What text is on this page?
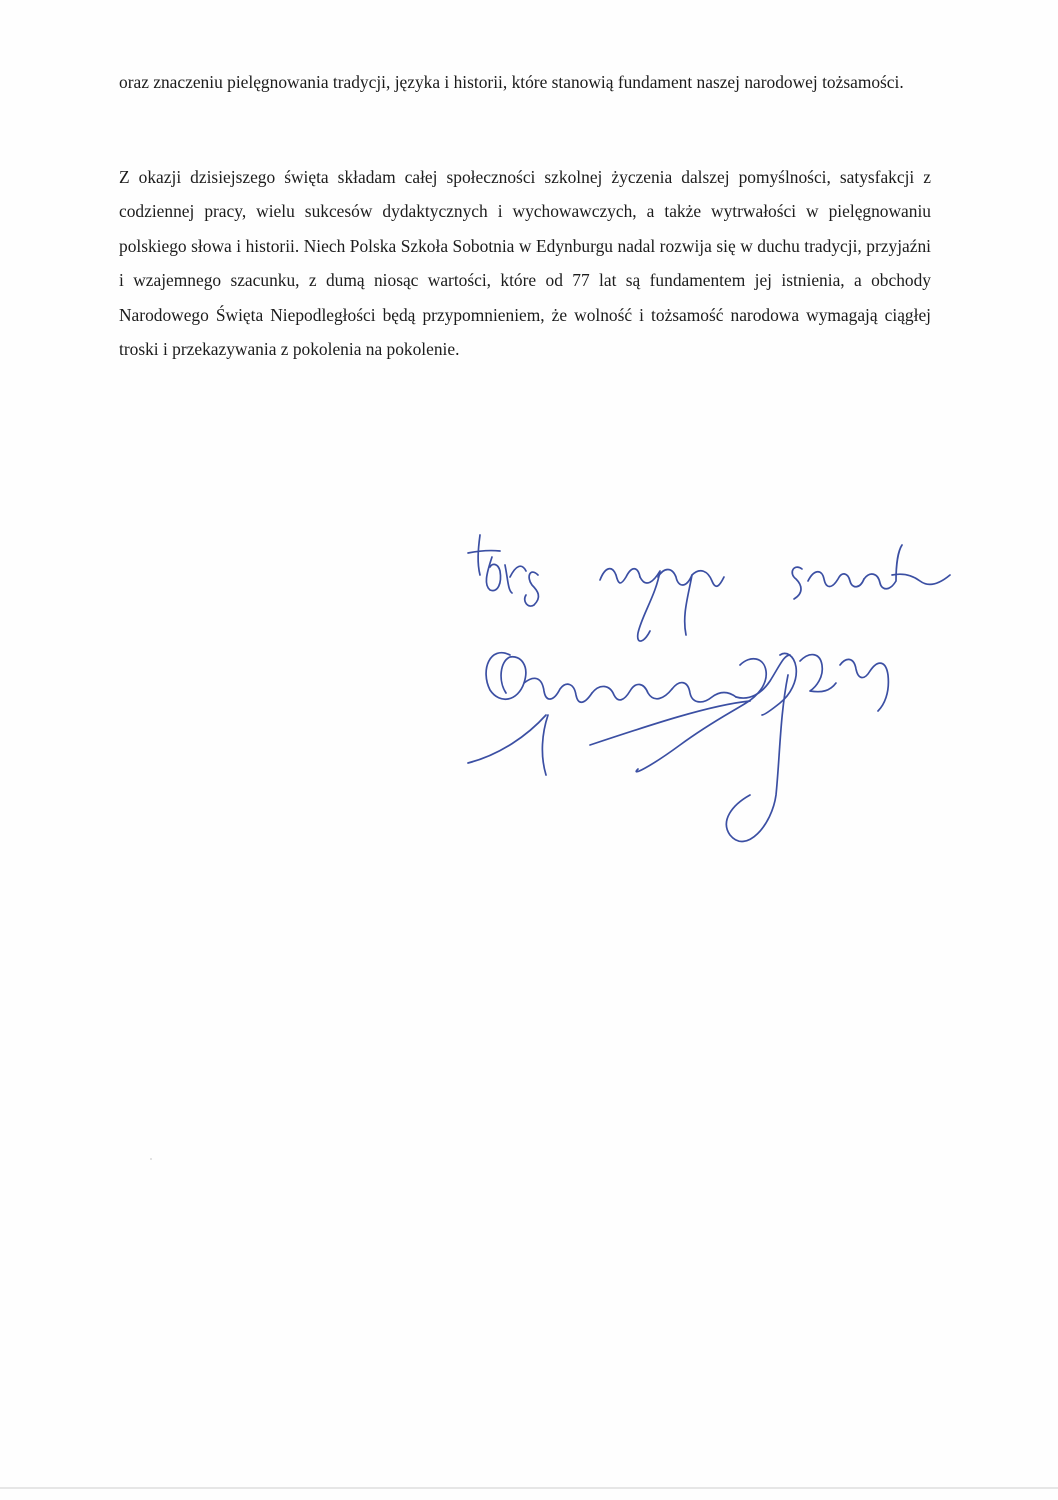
oraz znaczeniu pielęgnowania tradycji, języka i historii, które stanowią fundament naszej narodowej tożsamości.

Z okazji dzisiejszego święta składam całej społeczności szkolnej życzenia dalszej pomyślności, satysfakcji z codziennej pracy, wielu sukcesów dydaktycznych i wychowawczych, a także wytrwałości w pielęgnowaniu polskiego słowa i historii. Niech Polska Szkoła Sobotnia w Edynburgu nadal rozwija się w duchu tradycji, przyjaźni i wzajemnego szacunku, z dumą niosąc wartości, które od 77 lat są fundamentem jej istnienia, a obchody Narodowego Święta Niepodległości będą przypomnieniem, że wolność i tożsamość narodowa wymagają ciągłej troski i przekazywania z pokolenia na pokolenie.
